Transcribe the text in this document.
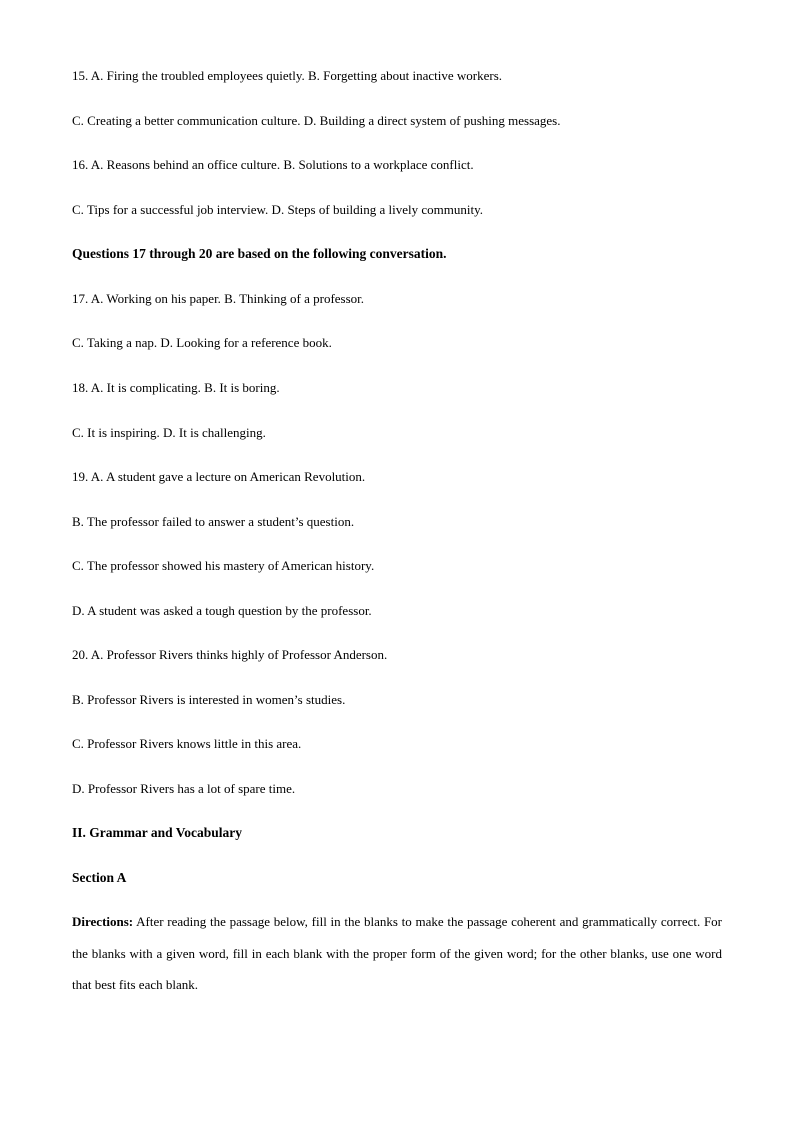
15. A. Firing the troubled employees quietly. B. Forgetting about inactive workers.
C. Creating a better communication culture. D. Building a direct system of pushing messages.
16. A. Reasons behind an office culture. B. Solutions to a workplace conflict.
C. Tips for a successful job interview. D. Steps of building a lively community.
Questions 17 through 20 are based on the following conversation.
17. A. Working on his paper. B. Thinking of a professor.
C. Taking a nap. D. Looking for a reference book.
18. A. It is complicating. B. It is boring.
C. It is inspiring. D. It is challenging.
19. A. A student gave a lecture on American Revolution.
B. The professor failed to answer a student’s question.
C. The professor showed his mastery of American history.
D. A student was asked a tough question by the professor.
20. A. Professor Rivers thinks highly of Professor Anderson.
B. Professor Rivers is interested in women’s studies.
C. Professor Rivers knows little in this area.
D. Professor Rivers has a lot of spare time.
II. Grammar and Vocabulary
Section A
Directions: After reading the passage below, fill in the blanks to make the passage coherent and grammatically correct. For the blanks with a given word, fill in each blank with the proper form of the given word; for the other blanks, use one word that best fits each blank.
